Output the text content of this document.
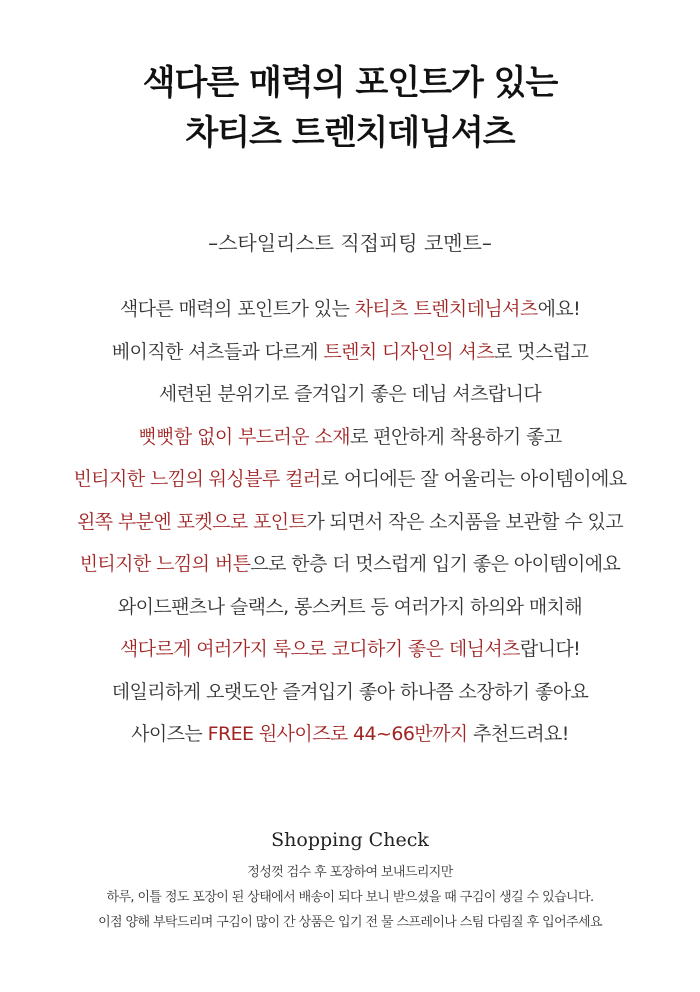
색다른 매력의 포인트가 있는
차티츠 트렌치데님셔츠
–스타일리스트 직접피팅 코멘트–
색다른 매력의 포인트가 있는 차티츠 트렌치데님셔츠에요!
베이직한 셔츠들과 다르게 트렌치 디자인의 셔츠로 멋스럽고
세련된 분위기로 즐겨입기 좋은 데님 셔츠랍니다
뻣뻣함 없이 부드러운 소재로 편안하게 착용하기 좋고
빈티지한 느낌의 워싱블루 컬러로 어디에든 잘 어울리는 아이템이에요
왼쪽 부분엔 포켓으로 포인트가 되면서 작은 소지품을 보관할 수 있고
빈티지한 느낌의 버튼으로 한층 더 멋스럽게 입기 좋은 아이템이에요
와이드팬츠나 슬랙스, 롱스커트 등 여러가지 하의와 매치해
색다르게 여러가지 룩으로 코디하기 좋은 데님셔츠랍니다!
데일리하게 오랫도안 즐겨입기 좋아 하나쯤 소장하기 좋아요
사이즈는 FREE 원사이즈로 44~66반까지 추천드려요!
Shopping Check
정성껏 검수 후 포장하여 보내드리지만
하루, 이틀 정도 포장이 된 상태에서 배송이 되다 보니 받으셨을 때 구김이 생길 수 있습니다.
이점 양해 부탁드리며 구김이 많이 간 상품은 입기 전 물 스프레이나 스팀 다림질 후 입어주세요
